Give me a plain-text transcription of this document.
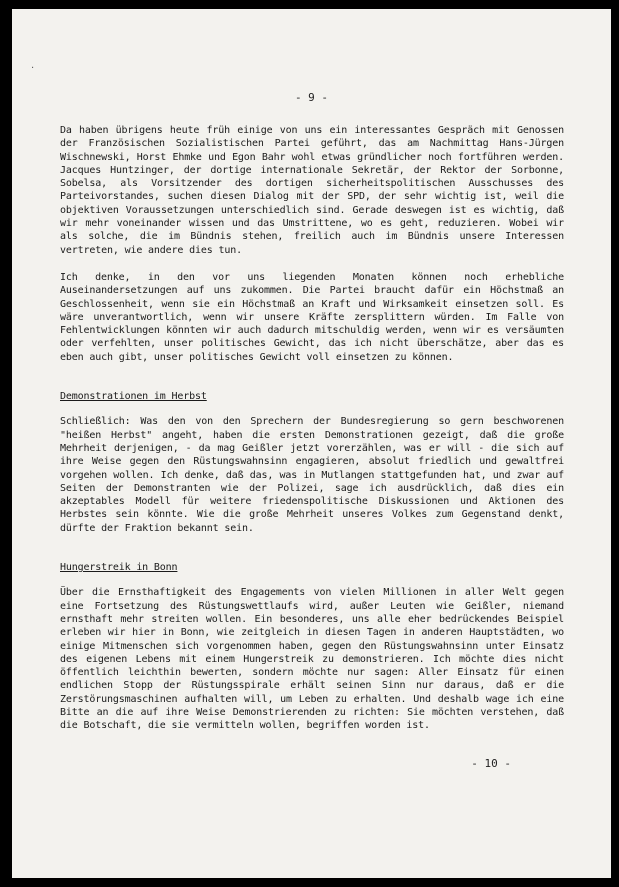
·
- 9 -

Da haben übrigens heute früh einige von uns ein interessantes Gespräch mit Genossen der Französischen Sozialistischen Partei geführt, das am Nachmittag Hans-Jürgen Wischnewski, Horst Ehmke und Egon Bahr wohl etwas gründlicher noch fortführen werden. Jacques Huntzinger, der dortige internationale Sekretär, der Rektor der Sorbonne, Sobelsa, als Vorsitzender des dortigen sicherheitspolitischen Ausschusses des Parteivorstandes, suchen diesen Dialog mit der SPD, der sehr wichtig ist, weil die objektiven Voraussetzungen unterschiedlich sind. Gerade deswegen ist es wichtig, daß wir mehr voneinander wissen und das Umstrittene, wo es geht, reduzieren. Wobei wir als solche, die im Bündnis stehen, freilich auch im Bündnis unsere Interessen vertreten, wie andere dies tun.

Ich denke, in den vor uns liegenden Monaten können noch erhebliche Auseinandersetzungen auf uns zukommen. Die Partei braucht dafür ein Höchstmaß an Geschlossenheit, wenn sie ein Höchstmaß an Kraft und Wirksamkeit einsetzen soll. Es wäre unverantwortlich, wenn wir unsere Kräfte zersplittern würden. Im Falle von Fehlentwicklungen könnten wir auch dadurch mitschuldig werden, wenn wir es versäumten oder verfehlten, unser politisches Gewicht, das ich nicht überschätze, aber das es eben auch gibt, unser politisches Gewicht voll einsetzen zu können.

Demonstrationen im Herbst

Schließlich: Was den von den Sprechern der Bundesregierung so gern beschworenen "heißen Herbst" angeht, haben die ersten Demonstrationen gezeigt, daß die große Mehrheit derjenigen, - da mag Geißler jetzt vorerzählen, was er will - die sich auf ihre Weise gegen den Rüstungswahnsinn engagieren, absolut friedlich und gewaltfrei vorgehen wollen. Ich denke, daß das, was in Mutlangen stattgefunden hat, und zwar auf Seiten der Demonstranten wie der Polizei, sage ich ausdrücklich, daß dies ein akzeptables Modell für weitere friedenspolitische Diskussionen und Aktionen des Herbstes sein könnte. Wie die große Mehrheit unseres Volkes zum Gegenstand denkt, dürfte der Fraktion bekannt sein.

Hungerstreik in Bonn

Über die Ernsthaftigkeit des Engagements von vielen Millionen in aller Welt gegen eine Fortsetzung des Rüstungswettlaufs wird, außer Leuten wie Geißler, niemand ernsthaft mehr streiten wollen. Ein besonderes, uns alle eher bedrückendes Beispiel erleben wir hier in Bonn, wie zeitgleich in diesen Tagen in anderen Hauptstädten, wo einige Mitmenschen sich vorgenommen haben, gegen den Rüstungswahnsinn unter Einsatz des eigenen Lebens mit einem Hungerstreik zu demonstrieren. Ich möchte dies nicht öffentlich leichthin bewerten, sondern möchte nur sagen: Aller Einsatz für einen endlichen Stopp der Rüstungsspirale erhält seinen Sinn nur daraus, daß er die Zerstörungsmaschinen aufhalten will, um Leben zu erhalten. Und deshalb wage ich eine Bitte an die auf ihre Weise Demonstrierenden zu richten: Sie möchten verstehen, daß die Botschaft, die sie vermitteln wollen, begriffen worden ist.

- 10 -
